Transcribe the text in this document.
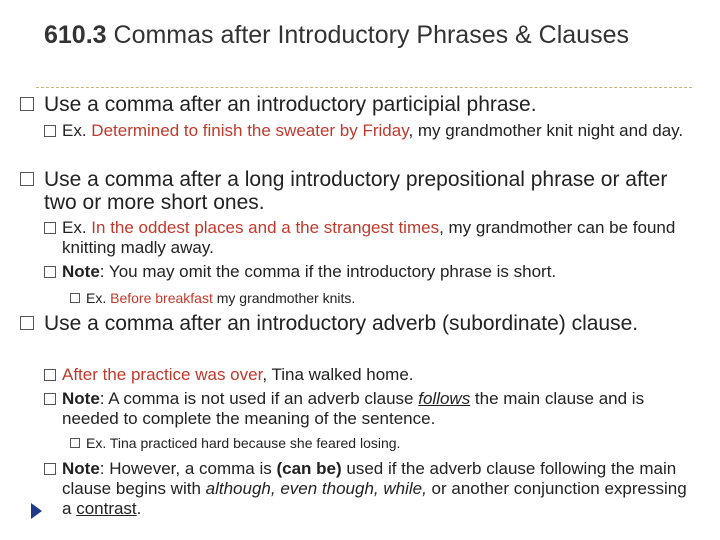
610.3 Commas after Introductory Phrases & Clauses
Use a comma after an introductory participial phrase.
Ex. Determined to finish the sweater by Friday, my grandmother knit night and day.
Use a comma after a long introductory prepositional phrase or after two or more short ones.
Ex. In the oddest places and a the strangest times, my grandmother can be found knitting madly away.
Note: You may omit the comma if the introductory phrase is short.
Ex. Before breakfast my grandmother knits.
Use a comma after an introductory adverb (subordinate) clause.
After the practice was over, Tina walked home.
Note: A comma is not used if an adverb clause follows the main clause and is needed to complete the meaning of the sentence.
Ex. Tina practiced hard because she feared losing.
Note: However, a comma is (can be) used if the adverb clause following the main clause begins with although, even though, while, or another conjunction expressing a contrast.
